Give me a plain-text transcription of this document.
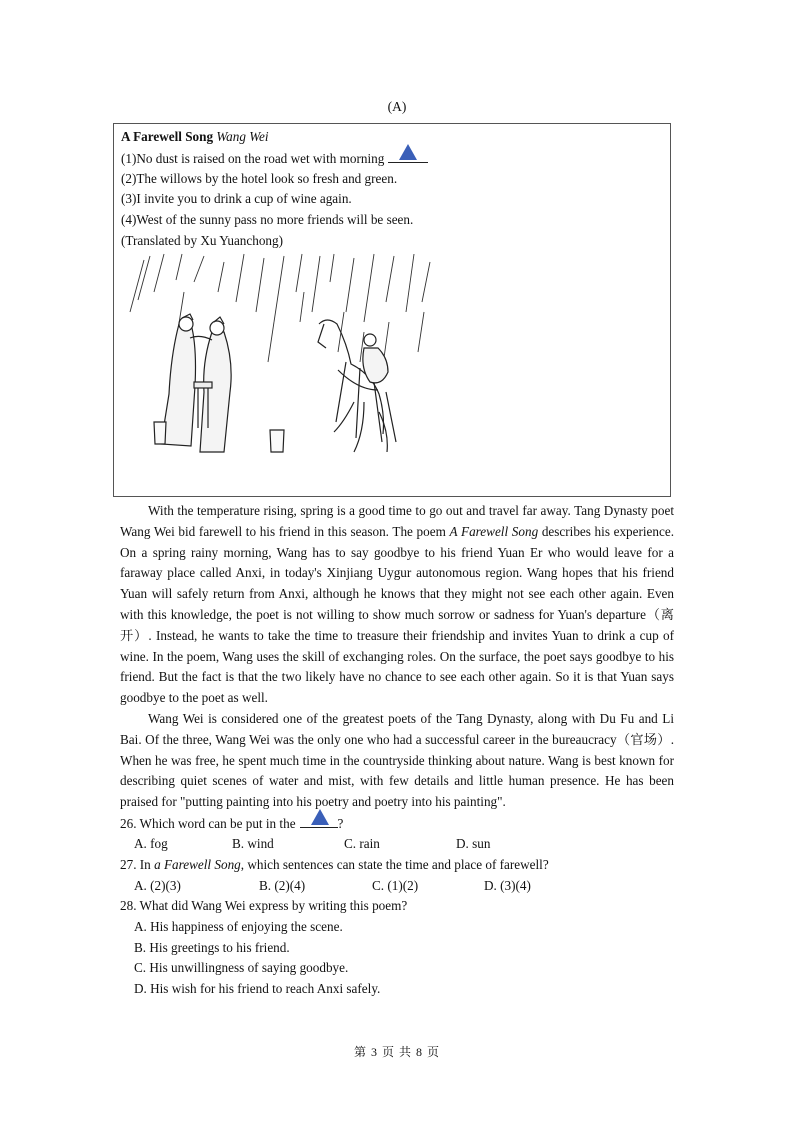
(A)
A Farewell Song Wang Wei
(1)No dust is raised on the road wet with morning
(2)The willows by the hotel look so fresh and green.
(3)I invite you to drink a cup of wine again.
(4)West of the sunny pass no more friends will be seen.
(Translated by Xu Yuanchong)

With the temperature rising, spring is a good time to go out and travel far away. Tang Dynasty poet Wang Wei bid farewell to his friend in this season. The poem A Farewell Song describes his experience. On a spring rainy morning, Wang has to say goodbye to his friend Yuan Er who would leave for a faraway place called Anxi, in today's Xinjiang Uygur autonomous region. Wang hopes that his friend Yuan will safely return from Anxi, although he knows that they might not see each other again. Even with this knowledge, the poet is not willing to show much sorrow or sadness for Yuan's departure（离开）. Instead, he wants to take the time to treasure their friendship and invites Yuan to drink a cup of wine. In the poem, Wang uses the skill of exchanging roles. On the surface, the poet says goodbye to his friend. But the fact is that the two likely have no chance to see each other again. So it is that Yuan says goodbye to the poet as well.

Wang Wei is considered one of the greatest poets of the Tang Dynasty, along with Du Fu and Li Bai. Of the three, Wang Wei was the only one who had a successful career in the bureaucracy（官场）. When he was free, he spent much time in the countryside thinking about nature. Wang is best known for describing quiet scenes of water and mist, with few details and little human presence. He has been praised for "putting painting into his poetry and poetry into his painting".

26. Which word can be put in the	?
A. fog	B. wind	C. rain	D. sun
27. In a Farewell Song, which sentences can state the time and place of farewell?
A. (2)(3)	B. (2)(4)	C. (1)(2)	D. (3)(4)
28. What did Wang Wei express by writing this poem?
A. His happiness of enjoying the scene.
B. His greetings to his friend.
C. His unwillingness of saying goodbye.
D. His wish for his friend to reach Anxi safely.
第 3 页 共 8 页
